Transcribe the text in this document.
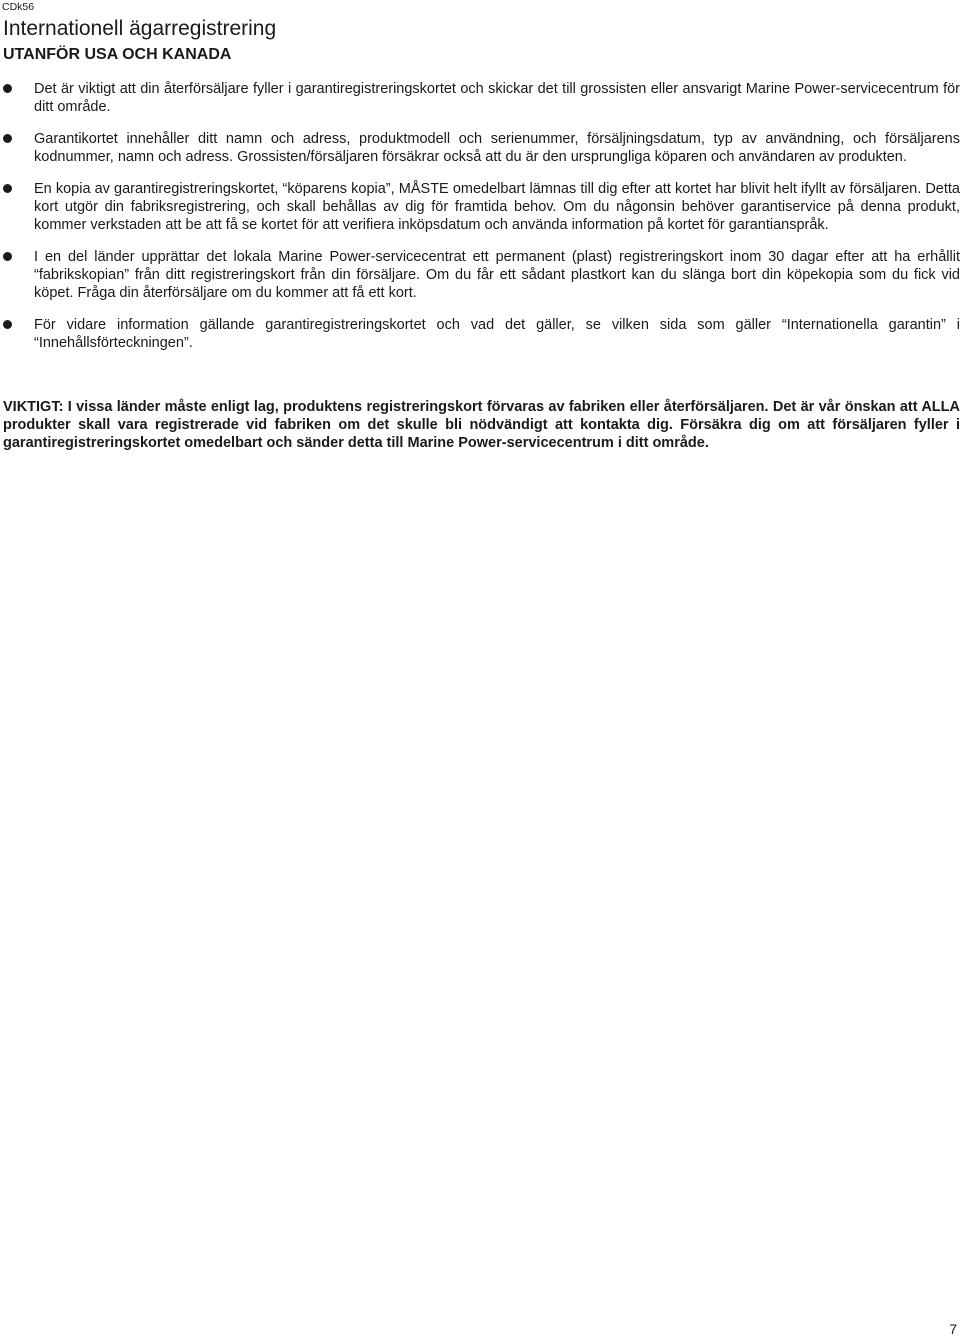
CDk56
Internationell ägarregistrering
UTANFÖR USA OCH KANADA
Det är viktigt att din återförsäljare fyller i garantiregistreringskortet och skickar det till grossisten eller ansvarigt Marine Power-servicecentrum för ditt område.
Garantikortet innehåller ditt namn och adress, produktmodell och serienummer, försäljningsdatum, typ av användning, och försäljarens kodnummer, namn och adress. Grossisten/försäljaren försäkrar också att du är den ursprungliga köparen och användaren av produkten.
En kopia av garantiregistreringskortet, “köparens kopia”, MÅSTE omedelbart lämnas till dig efter att kortet har blivit helt ifyllt av försäljaren. Detta kort utgör din fabriksregistrering, och skall behållas av dig för framtida behov. Om du någonsin behöver garantiservice på denna produkt, kommer verkstaden att be att få se kortet för att verifiera inköpsdatum och använda information på kortet för garantianspråk.
I en del länder upprättar det lokala Marine Power-servicecentrat ett permanent (plast) registreringskort inom 30 dagar efter att ha erhållit “fabrikskopian” från ditt registreringskort från din försäljare. Om du får ett sådant plastkort kan du slänga bort din köpekopia som du fick vid köpet. Fråga din återförsäljare om du kommer att få ett kort.
För vidare information gällande garantiregistreringskortet och vad det gäller, se vilken sida som gäller “Internationella garantin” i “Innehållsförteckningen”.

VIKTIGT: I vissa länder måste enligt lag, produktens registreringskort förvaras av fabriken eller återförsäljaren. Det är vår önskan att ALLA produkter skall vara registrerade vid fabriken om det skulle bli nödvändigt att kontakta dig. Försäkra dig om att försäljaren fyller i garantiregistreringskortet omedelbart och sänder detta till Marine Power-servicecentrum i ditt område.

7
